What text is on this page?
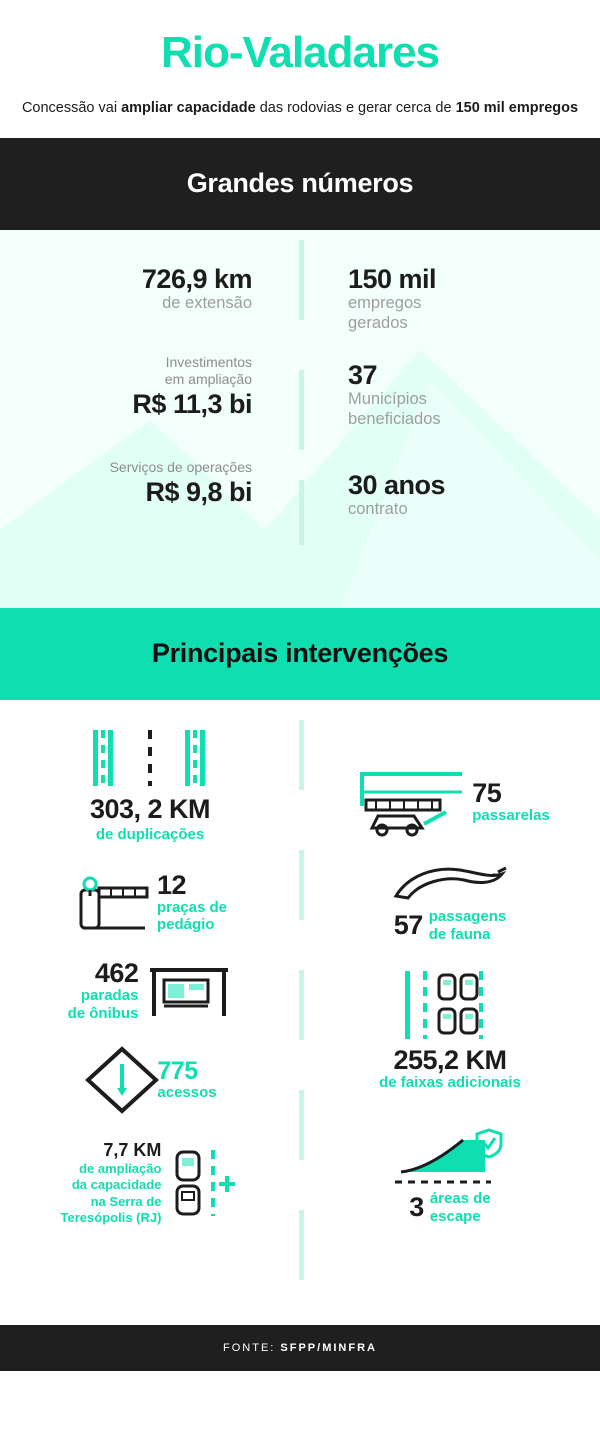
Rio-Valadares
Concessão vai ampliar capacidade das rodovias e gerar cerca de 150 mil empregos
Grandes números
726,9 km
de extensão
Investimentos
em ampliação
R$ 11,3 bi
Serviços de operações
R$ 9,8 bi
150 mil
empregos
gerados
37
Municípios
beneficiados
30 anos
contrato
Principais intervenções
303, 2 KM
de duplicações
12
praças de
pedágio
462
paradas
de ônibus
775
acessos
7,7 KM
de ampliação
da capacidade
na Serra de
Teresópolis (RJ)
75
passarelas
57 passagens
de fauna
255,2 KM
de faixas adicionais
3 áreas de
escape
FONTE: SFPP/MINFRA
